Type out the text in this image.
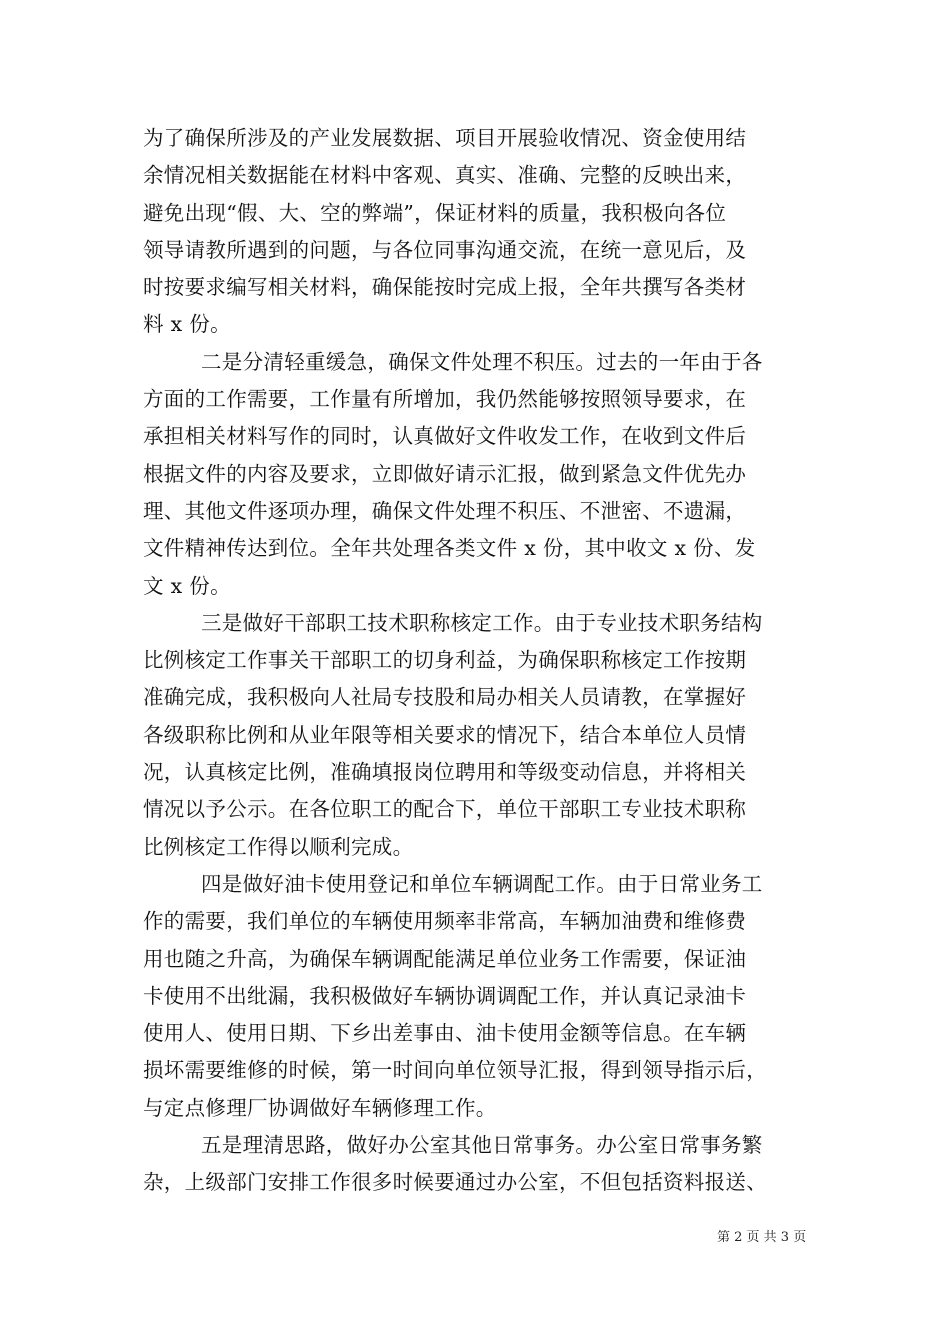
为了确保所涉及的产业发展数据、项目开展验收情况、资金使用结
余情况相关数据能在材料中客观、真实、准确、完整的反映出来，
避免出现“假、大、空的弊端”，保证材料的质量，我积极向各位
领导请教所遇到的问题，与各位同事沟通交流，在统一意见后，及
时按要求编写相关材料，确保能按时完成上报，全年共撰写各类材
料 x 份。
二是分清轻重缓急，确保文件处理不积压。过去的一年由于各
方面的工作需要，工作量有所增加，我仍然能够按照领导要求，在
承担相关材料写作的同时，认真做好文件收发工作，在收到文件后
根据文件的内容及要求，立即做好请示汇报，做到紧急文件优先办
理、其他文件逐项办理，确保文件处理不积压、不泄密、不遗漏，
文件精神传达到位。全年共处理各类文件 x 份，其中收文 x 份、发
文 x 份。
三是做好干部职工技术职称核定工作。由于专业技术职务结构
比例核定工作事关干部职工的切身利益，为确保职称核定工作按期
准确完成，我积极向人社局专技股和局办相关人员请教，在掌握好
各级职称比例和从业年限等相关要求的情况下，结合本单位人员情
况，认真核定比例，准确填报岗位聘用和等级变动信息，并将相关
情况以予公示。在各位职工的配合下，单位干部职工专业技术职称
比例核定工作得以顺利完成。
四是做好油卡使用登记和单位车辆调配工作。由于日常业务工
作的需要，我们单位的车辆使用频率非常高，车辆加油费和维修费
用也随之升高，为确保车辆调配能满足单位业务工作需要，保证油
卡使用不出纰漏，我积极做好车辆协调调配工作，并认真记录油卡
使用人、使用日期、下乡出差事由、油卡使用金额等信息。在车辆
损坏需要维修的时候，第一时间向单位领导汇报，得到领导指示后，
与定点修理厂协调做好车辆修理工作。
五是理清思路，做好办公室其他日常事务。办公室日常事务繁
杂，上级部门安排工作很多时候要通过办公室，不但包括资料报送、
第 2 页 共 3 页
